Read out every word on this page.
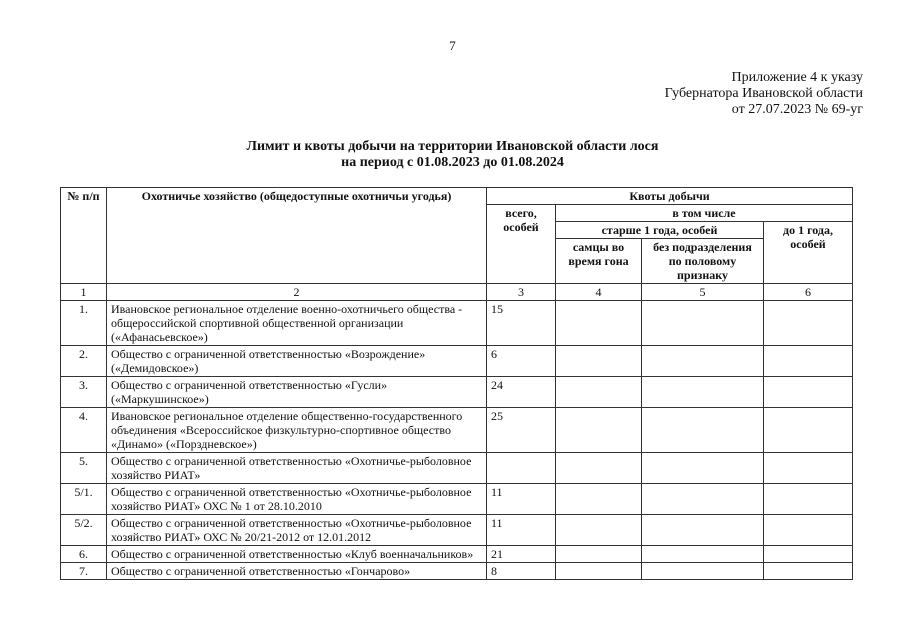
7
Приложение 4 к указу
Губернатора Ивановской области
от 27.07.2023 № 69-уг
Лимит и квоты добычи на территории Ивановской области лося
на период с 01.08.2023 до 01.08.2024
№ п/п	Охотничье хозяйство (общедоступные охотничьи угодья)	Квоты добычи			
		всего, особей	в том числе		
			старше 1 года, особей		до 1 года, особей
			самцы во время гона	без подразделения по половому признаку	
1	2	3	4	5	6
1.	Ивановское региональное отделение военно-охотничьего общества - общероссийской спортивной общественной организации («Афанасьевское»)	15			
2.	Общество с ограниченной ответственностью «Возрождение» («Демидовское»)	6			
3.	Общество с ограниченной ответственностью «Гусли» («Маркушинское»)	24			
4.	Ивановское региональное отделение общественно-государственного объединения «Всероссийское физкультурно-спортивное общество «Динамо» («Порздневское»)	25			
5.	Общество с ограниченной ответственностью «Охотничье-рыболовное хозяйство РИАТ»				
5/1.	Общество с ограниченной ответственностью «Охотничье-рыболовное хозяйство РИАТ» ОХС № 1 от 28.10.2010	11			
5/2.	Общество с ограниченной ответственностью «Охотничье-рыболовное хозяйство РИАТ» ОХС № 20/21-2012 от 12.01.2012	11			
6.	Общество с ограниченной ответственностью «Клуб военначальников»	21			
7.	Общество с ограниченной ответственностью «Гончарово»	8			
